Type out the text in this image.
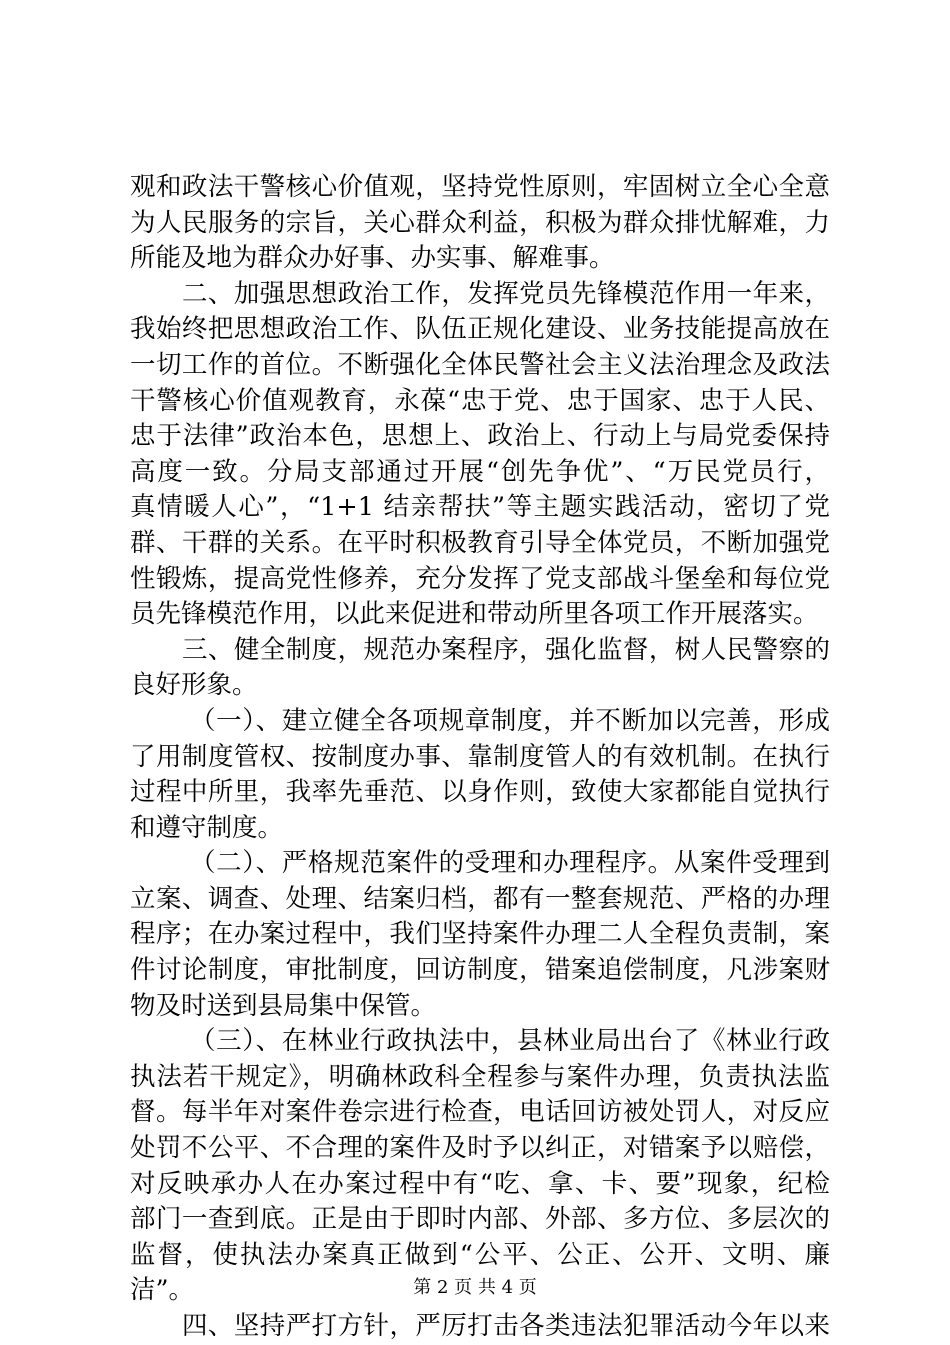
观和政法干警核心价值观，坚持党性原则，牢固树立全心全意
为人民服务的宗旨，关心群众利益，积极为群众排忧解难，力
所能及地为群众办好事、办实事、解难事。
二、加强思想政治工作，发挥党员先锋模范作用一年来，
我始终把思想政治工作、队伍正规化建设、业务技能提高放在
一切工作的首位。不断强化全体民警社会主义法治理念及政法
干警核心价值观教育，永葆“忠于党、忠于国家、忠于人民、
忠于法律”政治本色，思想上、政治上、行动上与局党委保持
高度一致。分局支部通过开展“创先争优”、“万民党员行，
真情暖人心”，“1+1 结亲帮扶”等主题实践活动，密切了党
群、干群的关系。在平时积极教育引导全体党员，不断加强党
性锻炼，提高党性修养，充分发挥了党支部战斗堡垒和每位党
员先锋模范作用，以此来促进和带动所里各项工作开展落实。
三、健全制度，规范办案程序，强化监督，树人民警察的
良好形象。
（一）、建立健全各项规章制度，并不断加以完善，形成
了用制度管权、按制度办事、靠制度管人的有效机制。在执行
过程中所里，我率先垂范、以身作则，致使大家都能自觉执行
和遵守制度。
（二）、严格规范案件的受理和办理程序。从案件受理到
立案、调查、处理、结案归档，都有一整套规范、严格的办理
程序；在办案过程中，我们坚持案件办理二人全程负责制，案
件讨论制度，审批制度，回访制度，错案追偿制度，凡涉案财
物及时送到县局集中保管。
（三）、在林业行政执法中，县林业局出台了《林业行政
执法若干规定》，明确林政科全程参与案件办理，负责执法监
督。每半年对案件卷宗进行检查，电话回访被处罚人，对反应
处罚不公平、不合理的案件及时予以纠正，对错案予以赔偿，
对反映承办人在办案过程中有“吃、拿、卡、要”现象，纪检
部门一查到底。正是由于即时内部、外部、多方位、多层次的
监督，使执法办案真正做到“公平、公正、公开、文明、廉
洁”。
四、坚持严打方针，严厉打击各类违法犯罪活动今年以来
第 2 页 共 4 页
